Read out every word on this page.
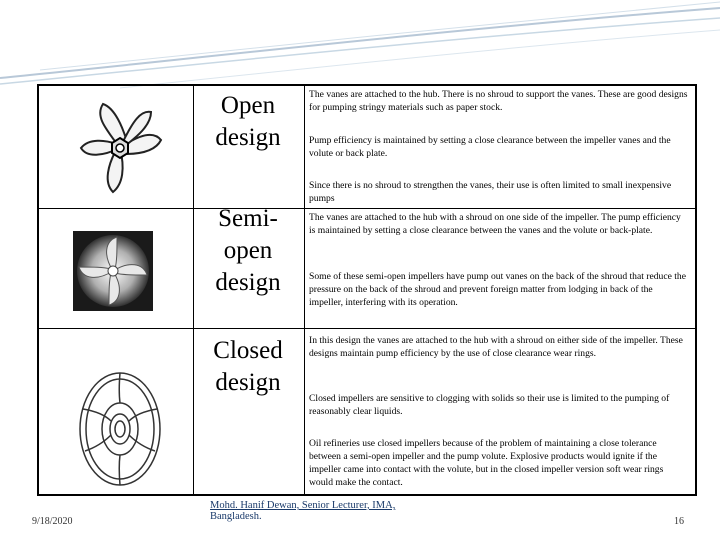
Open
design
The vanes are attached to the hub. There is no shroud to support the vanes. These are good designs for pumping stringy materials such as paper stock.
Pump efficiency is maintained by setting a close clearance between the impeller vanes and the volute or back plate.
Since there is no shroud to strengthen the vanes, their use is often limited to small inexpensive pumps
Semi-
open
design
The vanes are attached to the hub with a shroud on one side of the impeller. The pump efficiency is maintained by setting a close clearance between the vanes and the volute or back-plate.
Some of these semi-open impellers have pump out vanes on the back of the shroud that reduce the pressure on the back of the shroud and prevent foreign matter from lodging in back of the impeller, interfering with its operation.
Closed
design
In this design the vanes are attached to the hub with a shroud on either side of the impeller. These designs maintain pump efficiency by the use of close clearance wear rings.
Closed impellers are sensitive to clogging with solids so their use is limited to the pumping of reasonably clear liquids.
Oil refineries use closed impellers because of the problem of maintaining a close tolerance between a semi-open impeller and the pump volute. Explosive products would ignite if the impeller came into contact with the volute, but in the closed impeller version soft wear rings would make the contact.
9/18/2020
Mohd. Hanif Dewan, Senior Lecturer, IMA,
Bangladesh.	16
